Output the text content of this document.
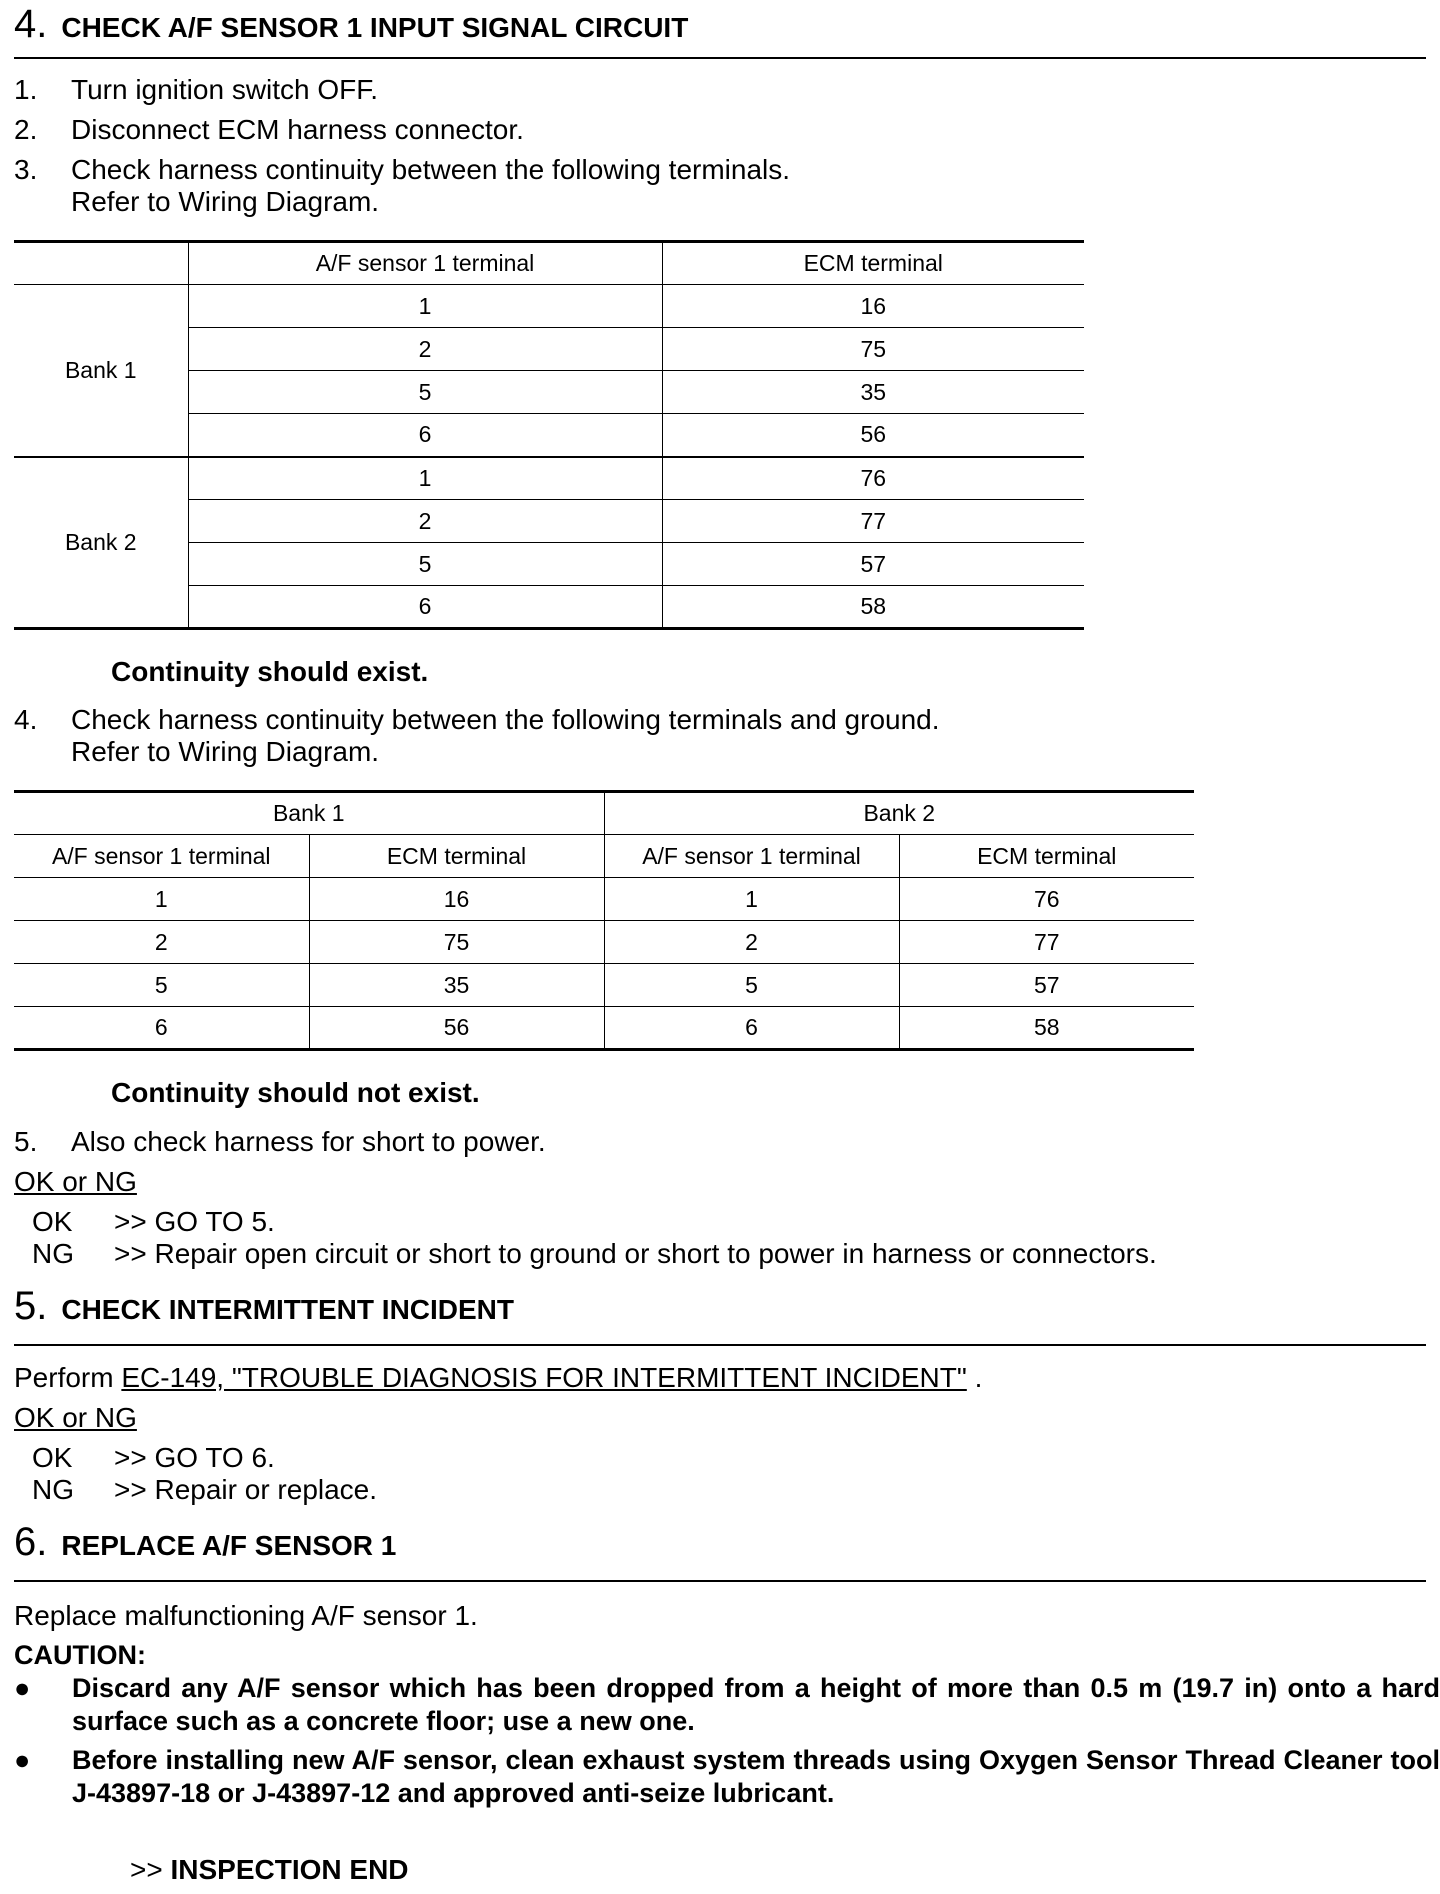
4. CHECK A/F SENSOR 1 INPUT SIGNAL CIRCUIT
1. Turn ignition switch OFF.
2. Disconnect ECM harness connector.
3. Check harness continuity between the following terminals.
Refer to Wiring Diagram.
	A/F sensor 1 terminal	ECM terminal
Bank 1	1	16
	2	75
	5	35
	6	56
Bank 2	1	76
	2	77
	5	57
	6	58
Continuity should exist.
4. Check harness continuity between the following terminals and ground.
Refer to Wiring Diagram.
Bank 1		Bank 2	
A/F sensor 1 terminal	ECM terminal	A/F sensor 1 terminal	ECM terminal
1	16	1	76
2	75	2	77
5	35	5	57
6	56	6	58
Continuity should not exist.
5. Also check harness for short to power.
OK or NG
OK >> GO TO 5.
NG >> Repair open circuit or short to ground or short to power in harness or connectors.
5. CHECK INTERMITTENT INCIDENT
Perform EC-149, "TROUBLE DIAGNOSIS FOR INTERMITTENT INCIDENT" .
OK or NG
OK >> GO TO 6.
NG >> Repair or replace.
6. REPLACE A/F SENSOR 1
Replace malfunctioning A/F sensor 1.
CAUTION:
● Discard any A/F sensor which has been dropped from a height of more than 0.5 m (19.7 in) onto a hard surface such as a concrete floor; use a new one.
● Before installing new A/F sensor, clean exhaust system threads using Oxygen Sensor Thread Cleaner tool J-43897-18 or J-43897-12 and approved anti-seize lubricant.
>> INSPECTION END
